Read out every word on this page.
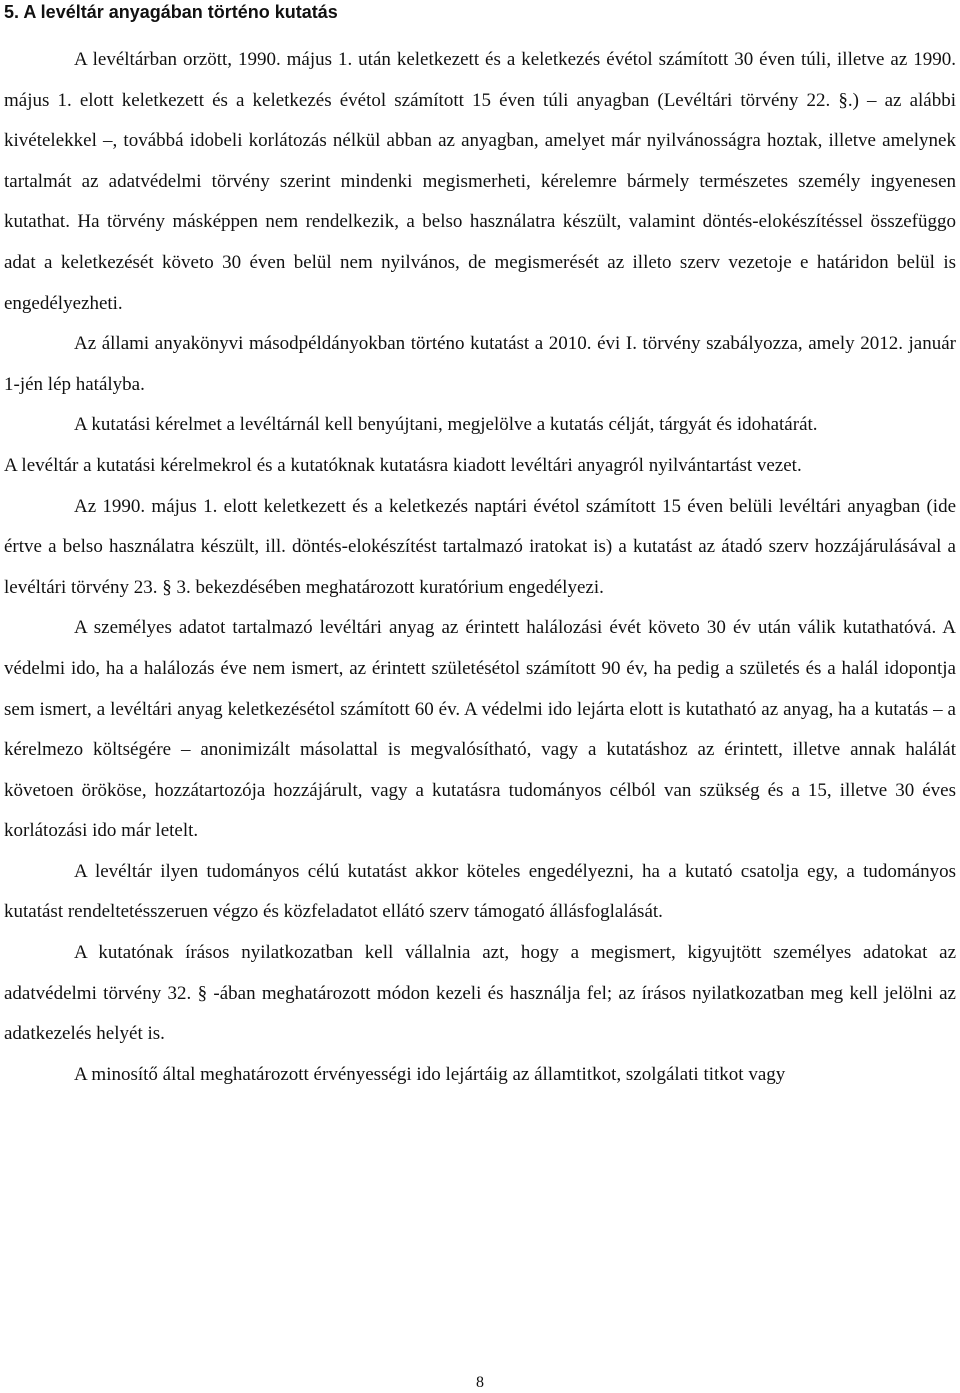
5. A levéltár anyagában történo kutatás

A levéltárban orzött, 1990. május 1. után keletkezett és a keletkezés évétol számított 30 éven túli, illetve az 1990. május 1. elott keletkezett és a keletkezés évétol számított 15 éven túli anyagban (Levéltári törvény 22. §.) – az alábbi kivételekkel –, továbbá idobeli korlátozás nélkül abban az anyagban, amelyet már nyilvánosságra hoztak, illetve amelynek tartalmát az adatvédelmi törvény szerint mindenki megismerheti, kérelemre bármely természetes személy ingyenesen kutathat. Ha törvény másképpen nem rendelkezik, a belso használatra készült, valamint döntés-elokészítéssel összefüggo adat a keletkezését követo 30 éven belül nem nyilvános, de megismerését az illeto szerv vezetoje e határidon belül is engedélyezheti.

Az állami anyakönyvi másodpéldányokban történo kutatást a 2010. évi I. törvény szabályozza, amely 2012. január 1-jén lép hatályba.

A kutatási kérelmet a levéltárnál kell benyújtani, megjelölve a kutatás célját, tárgyát és idohatárát.

A levéltár a kutatási kérelmekrol és a kutatóknak kutatásra kiadott levéltári anyagról nyilvántartást vezet.

Az 1990. május 1. elott keletkezett és a keletkezés naptári évétol számított 15 éven belüli levéltári anyagban (ide értve a belso használatra készült, ill. döntés-elokészítést tartalmazó iratokat is) a kutatást az átadó szerv hozzájárulásával a levéltári törvény 23. § 3. bekezdésében meghatározott kuratórium engedélyezi.

A személyes adatot tartalmazó levéltári anyag az érintett halálozási évét követo 30 év után válik kutathatóvá. A védelmi ido, ha a halálozás éve nem ismert, az érintett születésétol számított 90 év, ha pedig a születés és a halál idopontja sem ismert, a levéltári anyag keletkezésétol számított 60 év. A védelmi ido lejárta elott is kutatható az anyag, ha a kutatás – a kérelmezo költségére – anonimizált másolattal is megvalósítható, vagy a kutatáshoz az érintett, illetve annak halálát követoen örököse, hozzátartozója hozzájárult, vagy a kutatásra tudományos célból van szükség és a 15, illetve 30 éves korlátozási ido már letelt.

A levéltár ilyen tudományos célú kutatást akkor köteles engedélyezni, ha a kutató csatolja egy, a tudományos kutatást rendeltetésszeruen végzo és közfeladatot ellátó szerv támogató állásfoglalását.

A kutatónak írásos nyilatkozatban kell vállalnia azt, hogy a megismert, kigyujtött személyes adatokat az adatvédelmi törvény 32. § -ában meghatározott módon kezeli és használja fel; az írásos nyilatkozatban meg kell jelölni az adatkezelés helyét is.

A minosítő által meghatározott érvényességi ido lejártáig az államtitkot, szolgálati titkot vagy

8
